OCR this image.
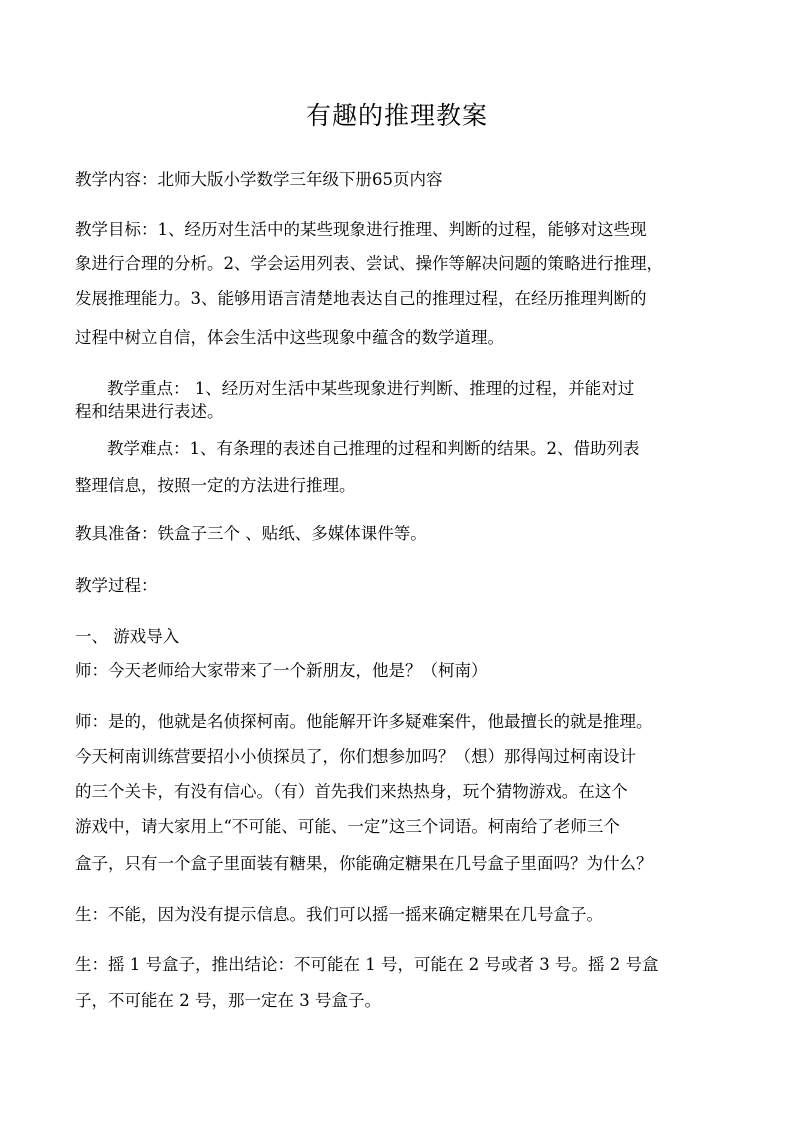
有趣的推理教案
教学内容：北师大版小学数学三年级下册65页内容
教学目标：1、经历对生活中的某些现象进行推理、判断的过程，能够对这些现
象进行合理的分析。2、学会运用列表、尝试、操作等解决问题的策略进行推理，
发展推理能力。3、能够用语言清楚地表达自己的推理过程，在经历推理判断的
过程中树立自信，体会生活中这些现象中蕴含的数学道理。
教学重点： 1、经历对生活中某些现象进行判断、推理的过程，并能对过
程和结果进行表述。
教学难点：1、有条理的表述自己推理的过程和判断的结果。2、借助列表
整理信息，按照一定的方法进行推理。
教具准备：铁盒子三个 、贴纸、多媒体课件等。
教学过程：
一、 游戏导入
师：今天老师给大家带来了一个新朋友，他是？（柯南）
师：是的，他就是名侦探柯南。他能解开许多疑难案件，他最擅长的就是推理。
今天柯南训练营要招小小侦探员了，你们想参加吗？（想）那得闯过柯南设计
的三个关卡，有没有信心。（有）首先我们来热热身，玩个猜物游戏。在这个
游戏中，请大家用上“不可能、可能、一定”这三个词语。柯南给了老师三个
盒子，只有一个盒子里面装有糖果，你能确定糖果在几号盒子里面吗？为什么？
生：不能，因为没有提示信息。我们可以摇一摇来确定糖果在几号盒子。
生：摇 1 号盒子，推出结论：不可能在 1 号，可能在 2 号或者 3 号。摇 2 号盒
子，不可能在 2 号，那一定在 3 号盒子。
